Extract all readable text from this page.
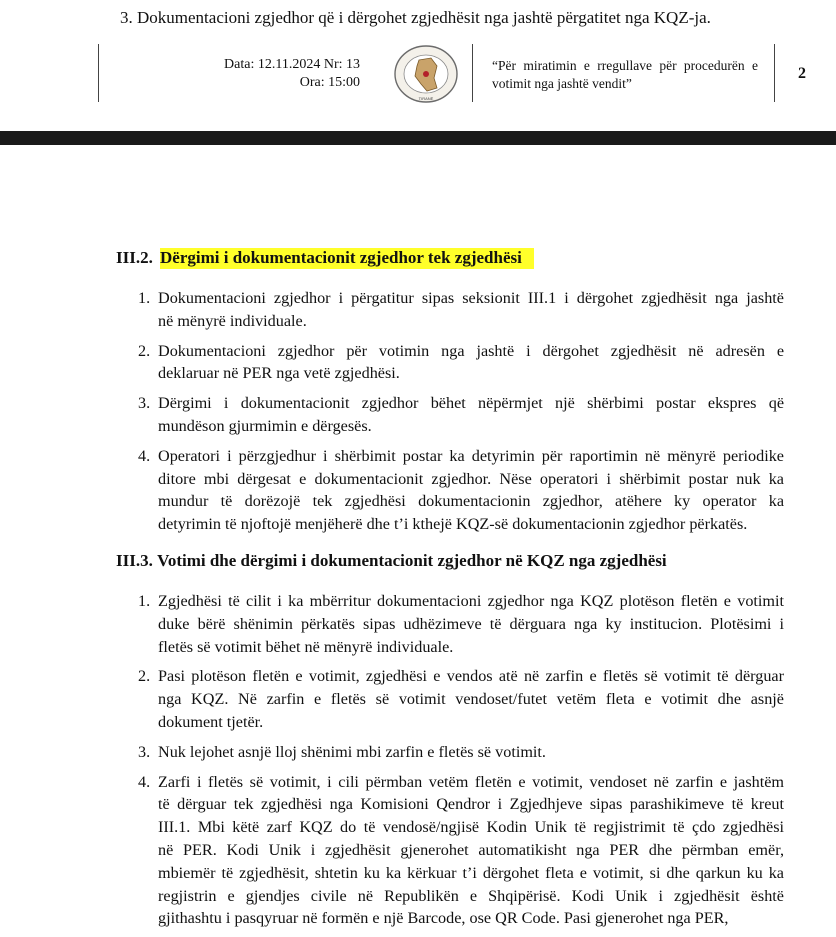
3. Dokumentacioni zgjedhor që i dërgohet zgjedhësit nga jashtë përgatitet nga KQZ-ja.
Data: 12.11.2024 Nr: 13
Ora: 15:00
TIRANË
“Për miratimin e rregullave për procedurën e
votimit nga jashtë vendit”
2
III.2. Dërgimi i dokumentacionit zgjedhor tek zgjedhësi
1. Dokumentacioni zgjedhor i përgatitur sipas seksionit III.1 i dërgohet zgjedhësit nga jashtë
në mënyrë individuale.
2. Dokumentacioni zgjedhor për votimin nga jashtë i dërgohet zgjedhësit në adresën e
deklaruar në PER nga vetë zgjedhësi.
3. Dërgimi i dokumentacionit zgjedhor bëhet nëpërmjet një shërbimi postar ekspres që
mundëson gjurmimin e dërgesës.
4. Operatori i përzgjedhur i shërbimit postar ka detyrimin për raportimin në mënyrë periodike
ditore mbi dërgesat e dokumentacionit zgjedhor. Nëse operatori i shërbimit postar nuk ka
mundur të dorëzojë tek zgjedhësi dokumentacionin zgjedhor, atëhere ky operator ka
detyrimin të njoftojë menjëherë dhe t’i kthejë KQZ-së dokumentacionin zgjedhor përkatës.
III.3. Votimi dhe dërgimi i dokumentacionit zgjedhor në KQZ nga zgjedhësi
1. Zgjedhësi të cilit i ka mbërritur dokumentacioni zgjedhor nga KQZ plotëson fletën e votimit
duke bërë shënimin përkatës sipas udhëzimeve të dërguara nga ky institucion. Plotësimi i
fletës së votimit bëhet në mënyrë individuale.
2. Pasi plotëson fletën e votimit, zgjedhësi e vendos atë në zarfin e fletës së votimit të dërguar
nga KQZ. Në zarfin e fletës së votimit vendoset/futet vetëm fleta e votimit dhe asnjë
dokument tjetër.
3. Nuk lejohet asnjë lloj shënimi mbi zarfin e fletës së votimit.
4. Zarfi i fletës së votimit, i cili përmban vetëm fletën e votimit, vendoset në zarfin e jashtëm
të dërguar tek zgjedhësi nga Komisioni Qendror i Zgjedhjeve sipas parashikimeve të kreut
III.1. Mbi këtë zarf KQZ do të vendosë/ngjisë Kodin Unik të regjistrimit të çdo zgjedhësi
në PER. Kodi Unik i zgjedhësit gjenerohet automatikisht nga PER dhe përmban emër,
mbiemër të zgjedhësit, shtetin ku ka kërkuar t’i dërgohet fleta e votimit, si dhe qarkun ku ka
regjistrin e gjendjes civile në Republikën e Shqipërisë. Kodi Unik i zgjedhësit është
gjithashtu i pasqyruar në formën e një Barcode, ose QR Code. Pasi gjenerohet nga PER,
